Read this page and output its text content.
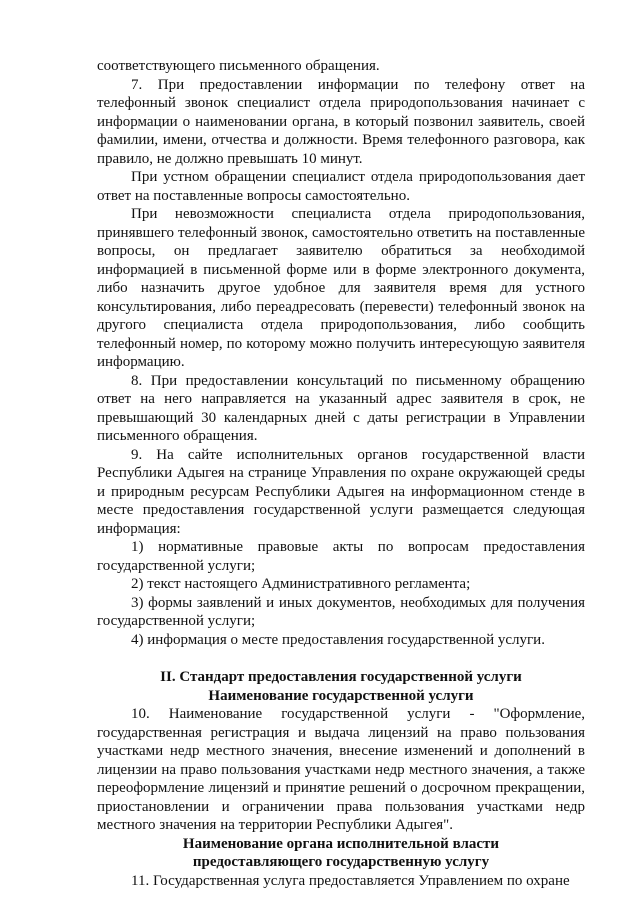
соответствующего письменного обращения.

7. При предоставлении информации по телефону ответ на телефонный звонок специалист отдела природопользования начинает с информации о наименовании органа, в который позвонил заявитель, своей фамилии, имени, отчества и должности. Время телефонного разговора, как правило, не должно превышать 10 минут.

При устном обращении специалист отдела природопользования дает ответ на поставленные вопросы самостоятельно.

При невозможности специалиста отдела природопользования, принявшего телефонный звонок, самостоятельно ответить на поставленные вопросы, он предлагает заявителю обратиться за необходимой информацией в письменной форме или в форме электронного документа, либо назначить другое удобное для заявителя время для устного консультирования, либо переадресовать (перевести) телефонный звонок на другого специалиста отдела природопользования, либо сообщить телефонный номер, по которому можно получить интересующую заявителя информацию.

8. При предоставлении консультаций по письменному обращению ответ на него направляется на указанный адрес заявителя в срок, не превышающий 30 календарных дней с даты регистрации в Управлении письменного обращения.

9. На сайте исполнительных органов государственной власти Республики Адыгея на странице Управления по охране окружающей среды и природным ресурсам Республики Адыгея на информационном стенде в месте предоставления государственной услуги размещается следующая информация:

1) нормативные правовые акты по вопросам предоставления государственной услуги;

2) текст настоящего Административного регламента;

3) формы заявлений и иных документов, необходимых для получения государственной услуги;

4) информация о месте предоставления государственной услуги.

II. Стандарт предоставления государственной услуги

Наименование государственной услуги

10. Наименование государственной услуги - "Оформление, государственная регистрация и выдача лицензий на право пользования участками недр местного значения, внесение изменений и дополнений в лицензии на право пользования участками недр местного значения, а также переоформление лицензий и принятие решений о досрочном прекращении, приостановлении и ограничении права пользования участками недр местного значения на территории Республики Адыгея".

Наименование органа исполнительной власти

предоставляющего государственную услугу

11. Государственная услуга предоставляется Управлением по охране
